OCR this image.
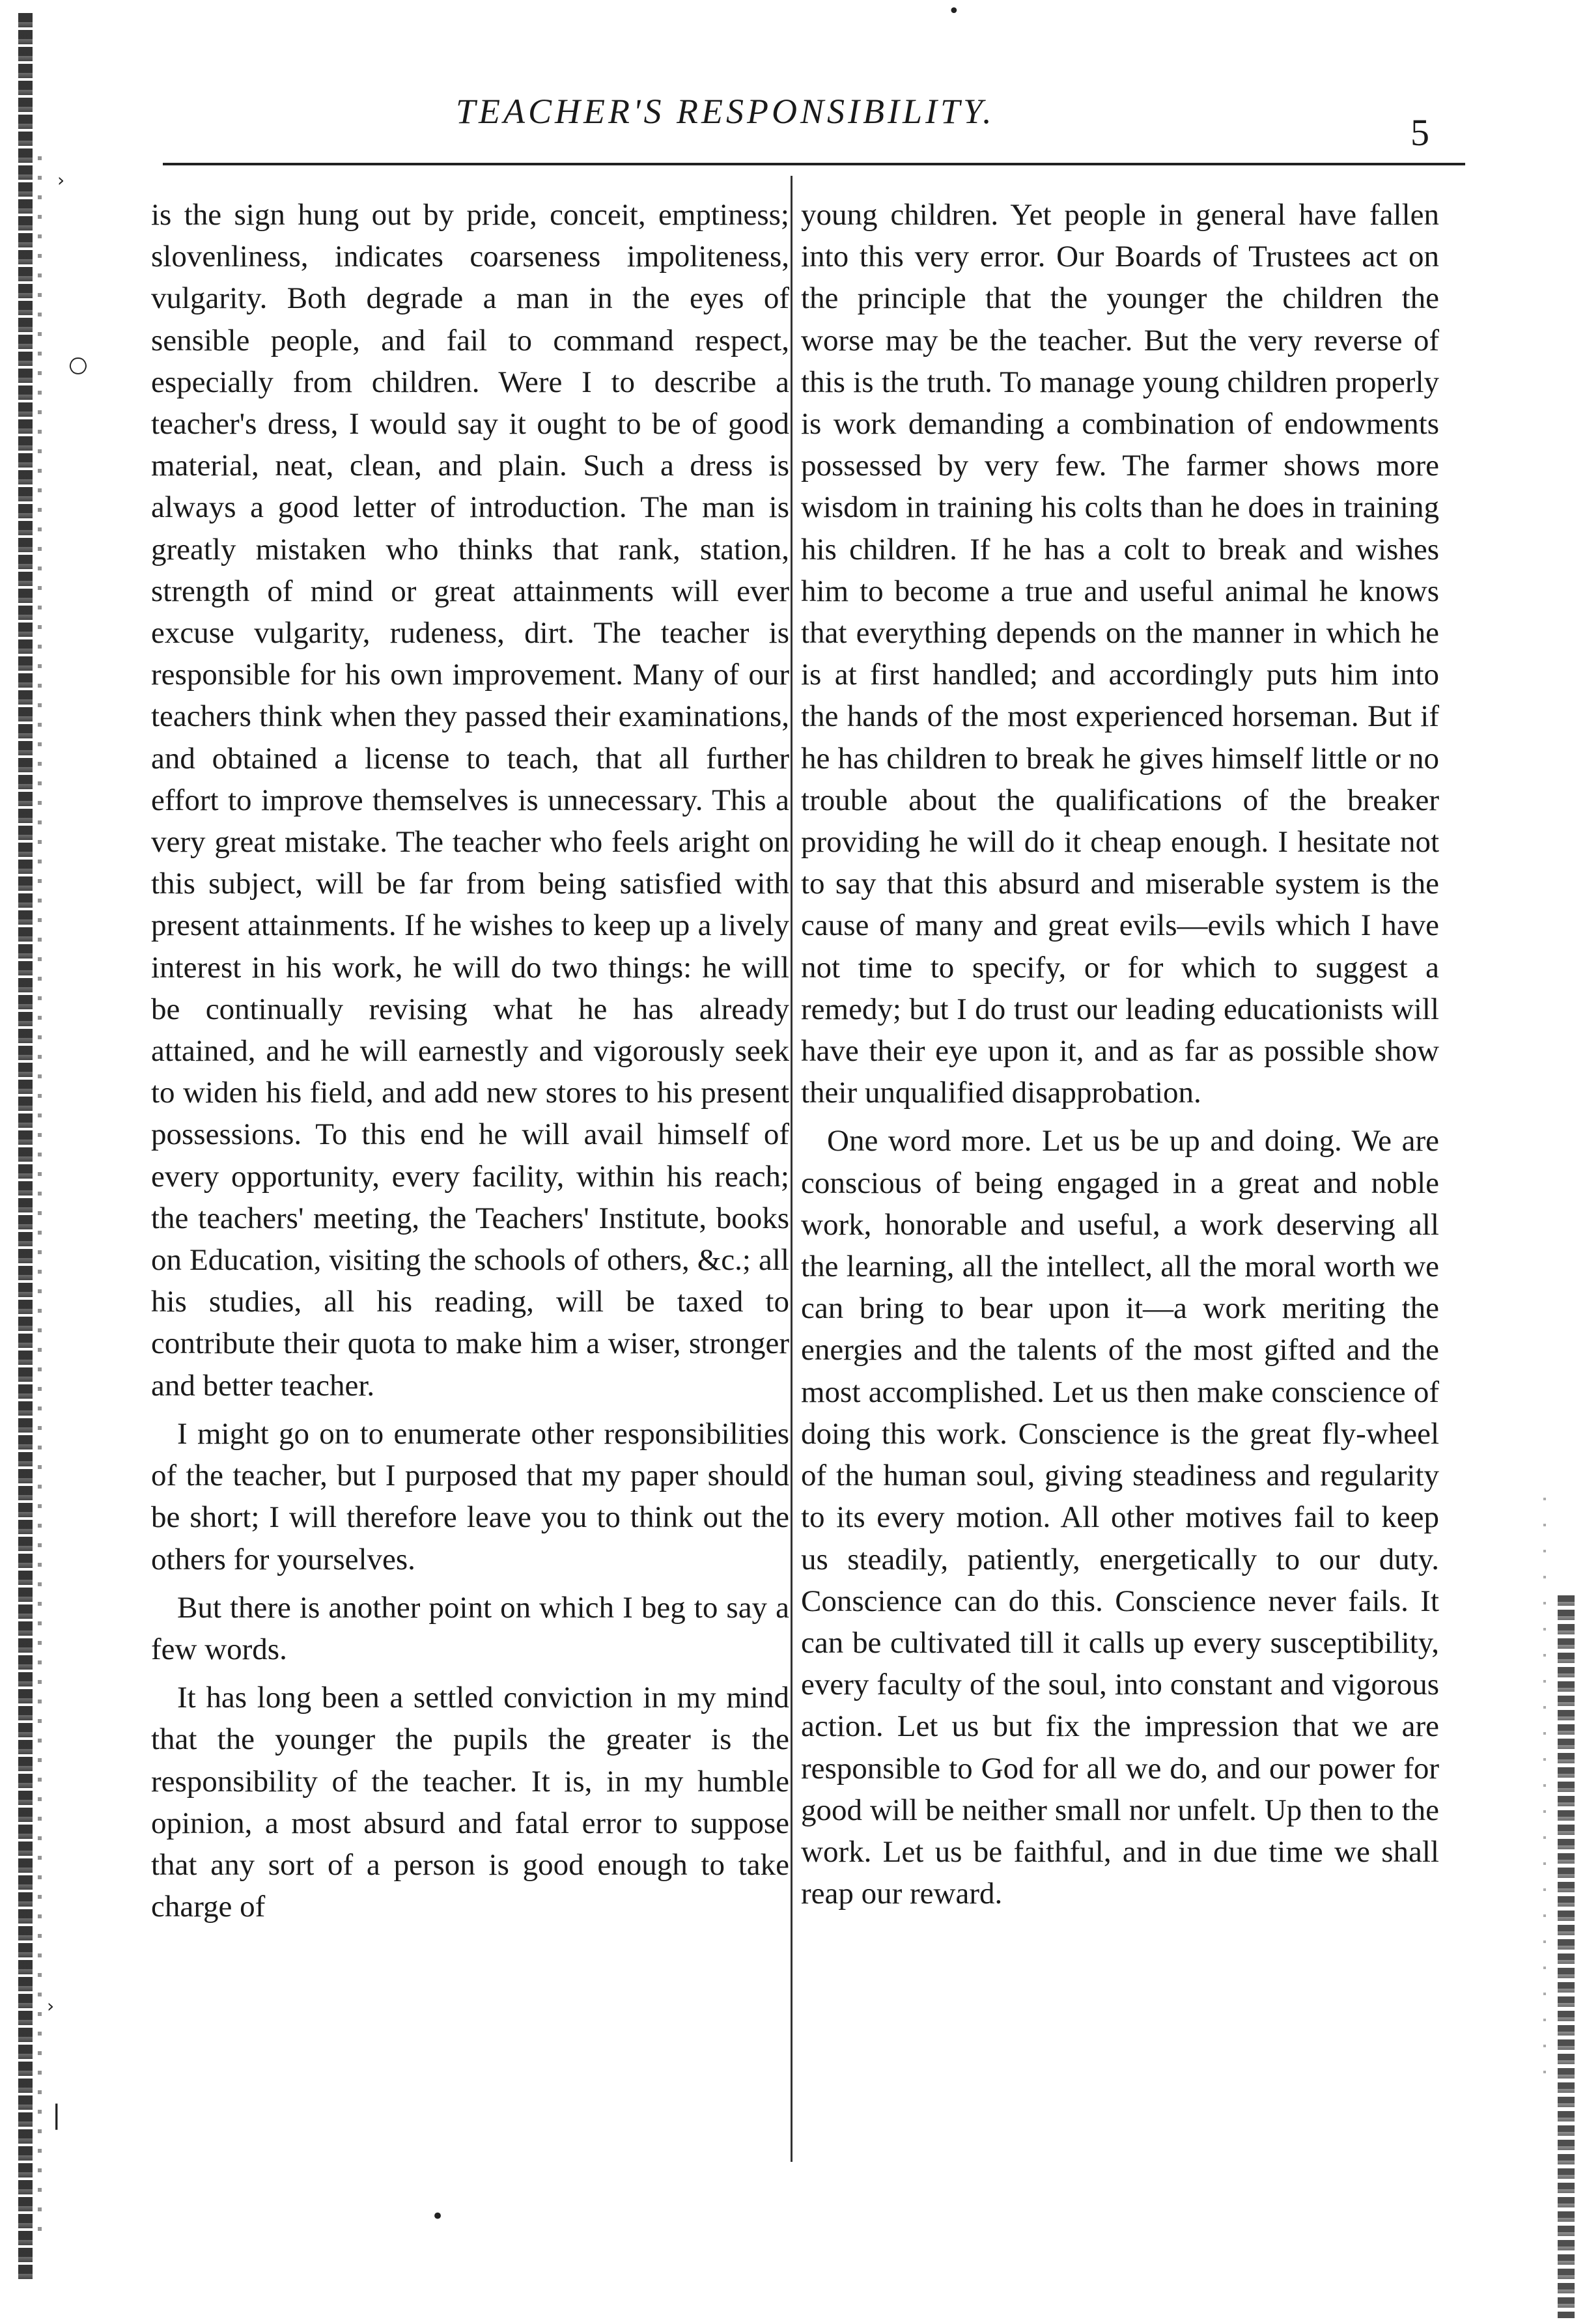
›
○
›
|
•
•
TEACHER'S RESPONSIBILITY.	5

is the sign hung out by pride, conceit, emptiness; slovenliness, indicates coarseness impoliteness, vulgarity. Both degrade a man in the eyes of sensible people, and fail to command respect, especially from children. Were I to describe a teacher's dress, I would say it ought to be of good material, neat, clean, and plain. Such a dress is always a good letter of introduction. The man is greatly mistaken who thinks that rank, station, strength of mind or great attainments will ever excuse vulgarity, rudeness, dirt. The teacher is responsible for his own improvement. Many of our teachers think when they passed their examinations, and obtained a license to teach, that all further effort to improve themselves is unnecessary. This a very great mistake. The teacher who feels aright on this subject, will be far from being satisfied with present attainments. If he wishes to keep up a lively interest in his work, he will do two things: he will be continually revising what he has already attained, and he will earnestly and vigorously seek to widen his field, and add new stores to his present possessions. To this end he will avail himself of every opportunity, every facility, within his reach; the teachers' meeting, the Teachers' Institute, books on Education, visiting the schools of others, &c.; all his studies, all his reading, will be taxed to contribute their quota to make him a wiser, stronger and better teacher.

I might go on to enumerate other responsibilities of the teacher, but I purposed that my paper should be short; I will therefore leave you to think out the others for yourselves.

But there is another point on which I beg to say a few words.

It has long been a settled conviction in my mind that the younger the pupils the greater is the responsibility of the teacher. It is, in my humble opinion, a most absurd and fatal error to suppose that any sort of a person is good enough to take charge of

young children. Yet people in general have fallen into this very error. Our Boards of Trustees act on the principle that the younger the children the worse may be the teacher. But the very reverse of this is the truth. To manage young children properly is work demanding a combination of endowments possessed by very few. The farmer shows more wisdom in training his colts than he does in training his children. If he has a colt to break and wishes him to become a true and useful animal he knows that everything depends on the manner in which he is at first handled; and accordingly puts him into the hands of the most experienced horseman. But if he has children to break he gives himself little or no trouble about the qualifications of the breaker providing he will do it cheap enough. I hesitate not to say that this absurd and miserable system is the cause of many and great evils—evils which I have not time to specify, or for which to suggest a remedy; but I do trust our leading educationists will have their eye upon it, and as far as possible show their unqualified disapprobation.

One word more. Let us be up and doing. We are conscious of being engaged in a great and noble work, honorable and useful, a work deserving all the learning, all the intellect, all the moral worth we can bring to bear upon it—a work meriting the energies and the talents of the most gifted and the most accomplished. Let us then make conscience of doing this work. Conscience is the great fly-wheel of the human soul, giving steadiness and regularity to its every motion. All other motives fail to keep us steadily, patiently, energetically to our duty. Conscience can do this. Conscience never fails. It can be cultivated till it calls up every susceptibility, every faculty of the soul, into constant and vigorous action. Let us but fix the impression that we are responsible to God for all we do, and our power for good will be neither small nor unfelt. Up then to the work. Let us be faithful, and in due time we shall reap our reward.
